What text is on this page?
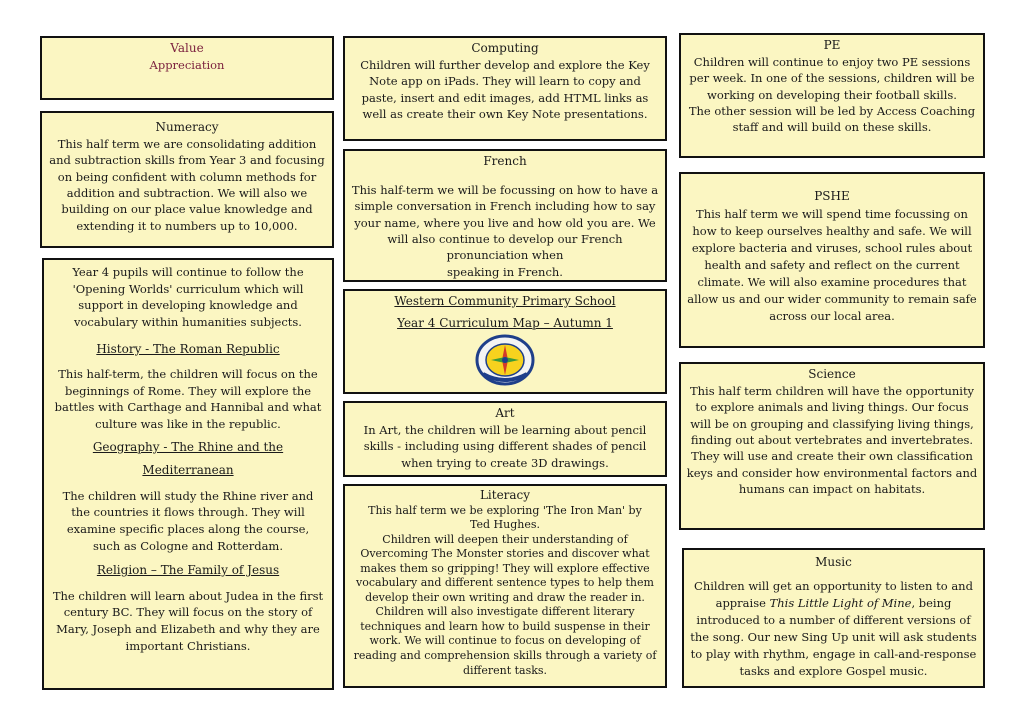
Value

Appreciation

Numeracy

This half term we are consolidating addition and subtraction skills from Year 3 and focusing on being confident with column methods for addition and subtraction. We will also we building on our place value knowledge and extending it to numbers up to 10,000.

Year 4 pupils will continue to follow the 'Opening Worlds' curriculum which will support in developing knowledge and vocabulary within humanities subjects.

History - The Roman Republic

This half-term, the children will focus on the beginnings of Rome. They will explore the battles with Carthage and Hannibal and what culture was like in the republic.

Geography - The Rhine and the

Mediterranean

The children will study the Rhine river and the countries it flows through. They will examine specific places along the course, such as Cologne and Rotterdam.

Religion – The Family of Jesus

The children will learn about Judea in the first century BC. They will focus on the story of Mary, Joseph and Elizabeth and why they are important Christians.

Computing

Children will further develop and explore the Key Note app on iPads. They will learn to copy and paste, insert and edit images, add HTML links as well as create their own Key Note presentations.

French

This half-term we will be focussing on how to have a simple conversation in French including how to say your name, where you live and how old you are. We will also continue to develop our French pronunciation when

speaking in French.

Western Community Primary School

Year 4 Curriculum Map – Autumn 1

Art

In Art, the children will be learning about pencil skills - including using different shades of pencil when trying to create 3D drawings.

Literacy

This half term we be exploring 'The Iron Man' by

Ted Hughes.

Children will deepen their understanding of Overcoming The Monster stories and discover what makes them so gripping! They will explore effective vocabulary and different sentence types to help them develop their own writing and draw the reader in. Children will also investigate different literary techniques and learn how to build suspense in their work. We will continue to focus on developing of reading and comprehension skills through a variety of different tasks.

PE

Children will continue to enjoy two PE sessions per week. In one of the sessions, children will be working on developing their football skills.

The other session will be led by Access Coaching staff and will build on these skills.

PSHE

This half term we will spend time focussing on how to keep ourselves healthy and safe. We will explore bacteria and viruses, school rules about health and safety and reflect on the current climate. We will also examine procedures that allow us and our wider community to remain safe across our local area.

Science

This half term children will have the opportunity to explore animals and living things. Our focus will be on grouping and classifying living things, finding out about vertebrates and invertebrates. They will use and create their own classification keys and consider how environmental factors and humans can impact on habitats.

Music

Children will get an opportunity to listen to and appraise This Little Light of Mine, being introduced to a number of different versions of the song. Our new Sing Up unit will ask students to play with rhythm, engage in call-and-response tasks and explore Gospel music.
